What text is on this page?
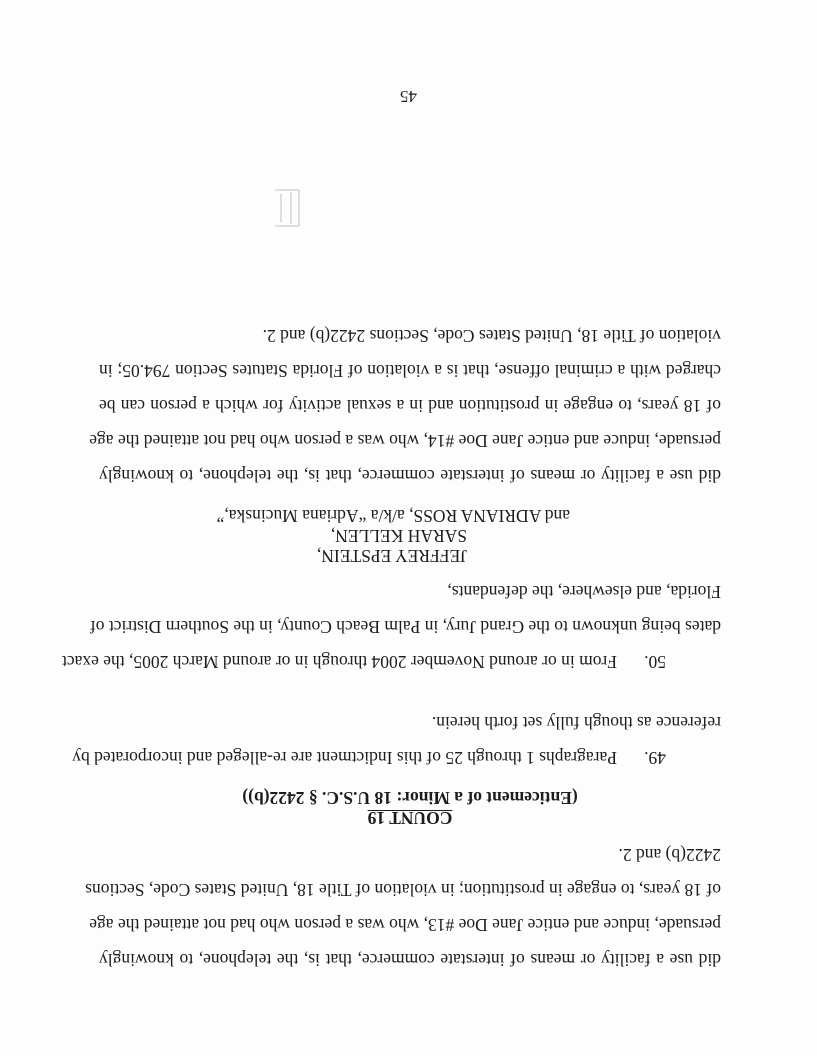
did use a facility or means of interstate commerce, that is, the telephone, to knowingly
persuade, induce and entice Jane Doe #13, who was a person who had not attained the age
of 18 years, to engage in prostitution; in violation of Title 18, United States Code, Sections
2422(b) and 2.
COUNT 19
(Enticement of a Minor: 18 U.S.C. § 2422(b))
Paragraphs 1 through 25 of this Indictment are re-alleged and incorporated by	49.
reference as though fully set forth herein.
50.
From in or around November 2004 through in or around March 2005, the exact
dates being unknown to the Grand Jury, in Palm Beach County, in the Southern District of
Florida, and elsewhere, the defendants,
JEFFREY EPSTEIN,
SARAH KELLEN,
and ADRIANA ROSS, a/k/a “Adriana Mucinska,”
did use a facility or means of interstate commerce, that is, the telephone, to knowingly
persuade, induce and entice Jane Doe #14, who was a person who had not attained the age
of 18 years, to engage in prostitution and in a sexual activity for which a person can be
charged with a criminal offense, that is a violation of Florida Statutes Section 794.05; in
violation of Title 18, United States Code, Sections 2422(b) and 2.
45
